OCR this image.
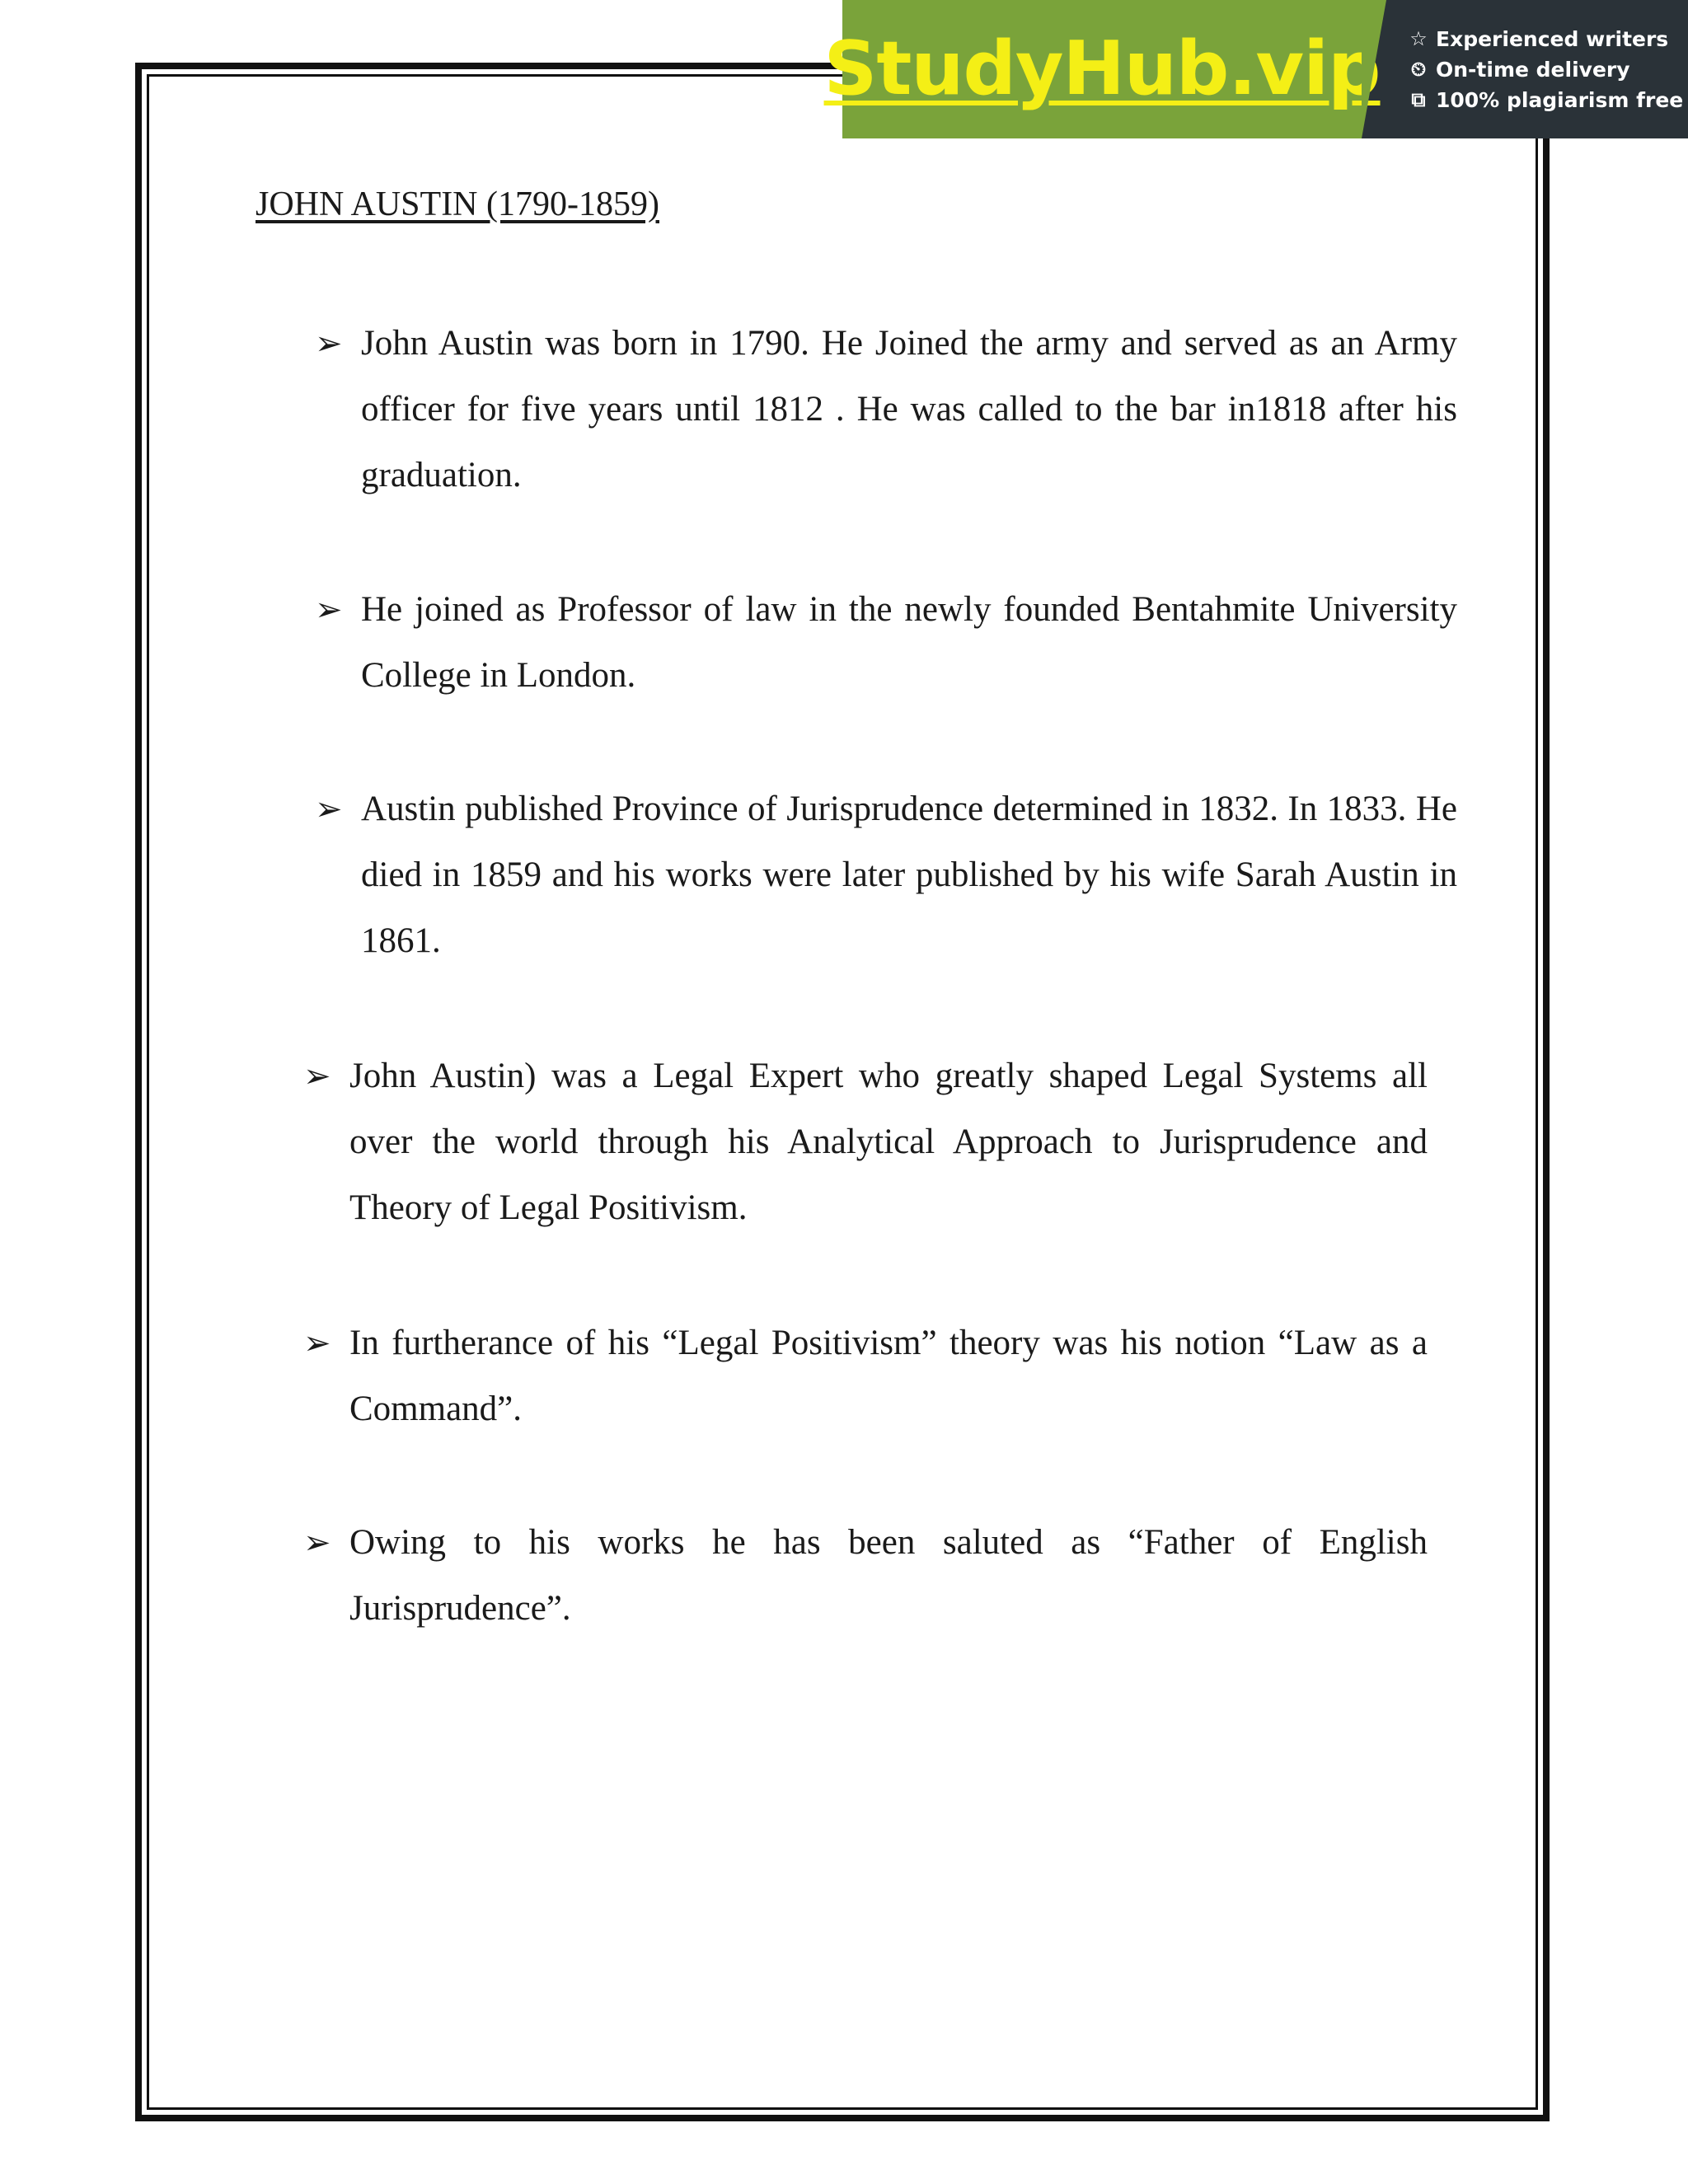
StudyHub.vip ☆ Experienced writers
⏲ On-time delivery
⧉ 100% plagiarism free
JOHN AUSTIN (1790-1859)
➢ John Austin was born in 1790. He Joined the army and served as an Army officer for five years until 1812 . He was called to the bar in1818 after his graduation.
➢ He joined as Professor of law in the newly founded Bentahmite University College in London.
➢ Austin published Province of Jurisprudence determined in 1832. In 1833. He died in 1859 and his works were later published by his wife Sarah Austin in 1861.
➢ John Austin) was a Legal Expert who greatly shaped Legal Systems all over the world through his Analytical Approach to Jurisprudence and Theory of Legal Positivism.
➢ In furtherance of his “Legal Positivism” theory was his notion “Law as a Command”.
➢ Owing to his works he has been saluted as “Father of English Jurisprudence”.
